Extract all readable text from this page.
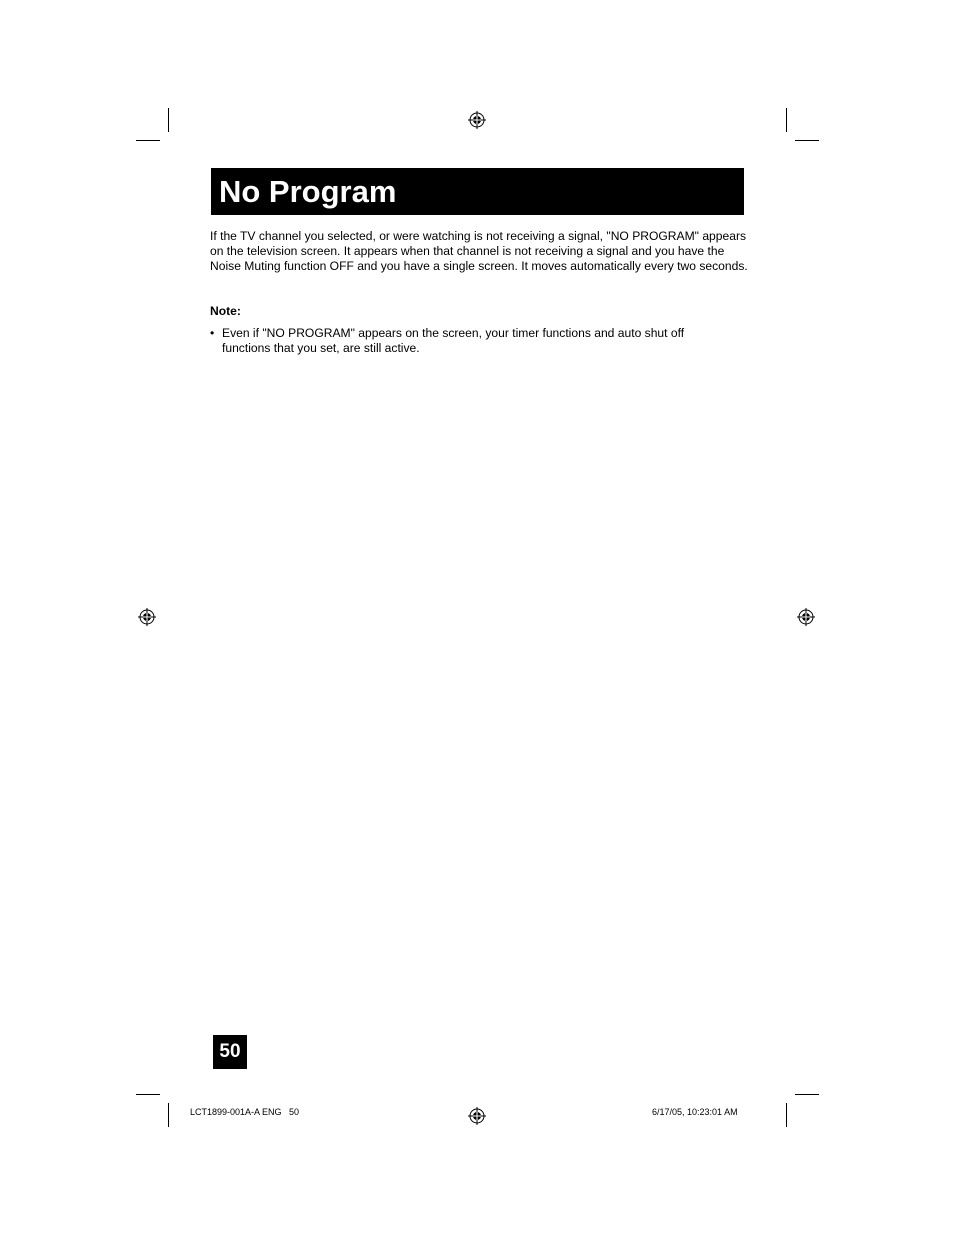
No Program

If the TV channel you selected, or were watching is not receiving a signal, "NO PROGRAM" appears on the television screen. It appears when that channel is not receiving a signal and you have the Noise Muting function OFF and you have a single screen. It moves automatically every two seconds.

Note:

• Even if "NO PROGRAM" appears on the screen, your timer functions and auto shut off functions that you set, are still active.
50
LCT1899-001A-A ENG   50	6/17/05, 10:23:01 AM
